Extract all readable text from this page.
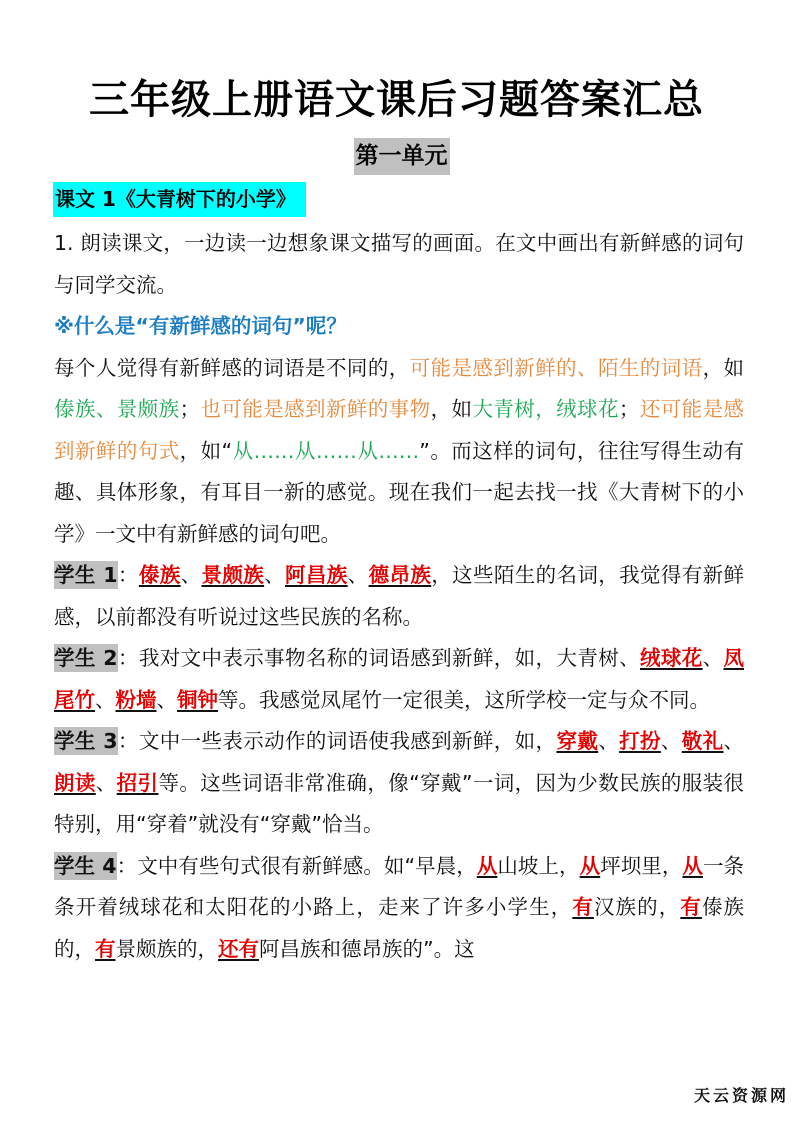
三年级上册语文课后习题答案汇总
第一单元
课文 1《大青树下的小学》

1. 朗读课文，一边读一边想象课文描写的画面。在文中画出有新鲜感的词句与同学交流。

※什么是“有新鲜感的词句”呢？

每个人觉得有新鲜感的词语是不同的，可能是感到新鲜的、陌生的词语，如傣族、景颇族；也可能是感到新鲜的事物，如大青树，绒球花；还可能是感到新鲜的句式，如“从……从……从……”。而这样的词句，往往写得生动有趣、具体形象，有耳目一新的感觉。现在我们一起去找一找《大青树下的小学》一文中有新鲜感的词句吧。

学生 1：傣族、景颇族、阿昌族、德昂族，这些陌生的名词，我觉得有新鲜感，以前都没有听说过这些民族的名称。

学生 2：我对文中表示事物名称的词语感到新鲜，如，大青树、绒球花、凤尾竹、粉墙、铜钟等。我感觉凤尾竹一定很美，这所学校一定与众不同。

学生 3：文中一些表示动作的词语使我感到新鲜，如，穿戴、打扮、敬礼、朗读、招引等。这些词语非常准确，像“穿戴”一词，因为少数民族的服装很特别，用“穿着”就没有“穿戴”恰当。

学生 4：文中有些句式很有新鲜感。如“早晨，从山坡上，从坪坝里，从一条条开着绒球花和太阳花的小路上，走来了许多小学生，有汉族的，有傣族的，有景颇族的，还有阿昌族和德昂族的”。这

天云资源网
